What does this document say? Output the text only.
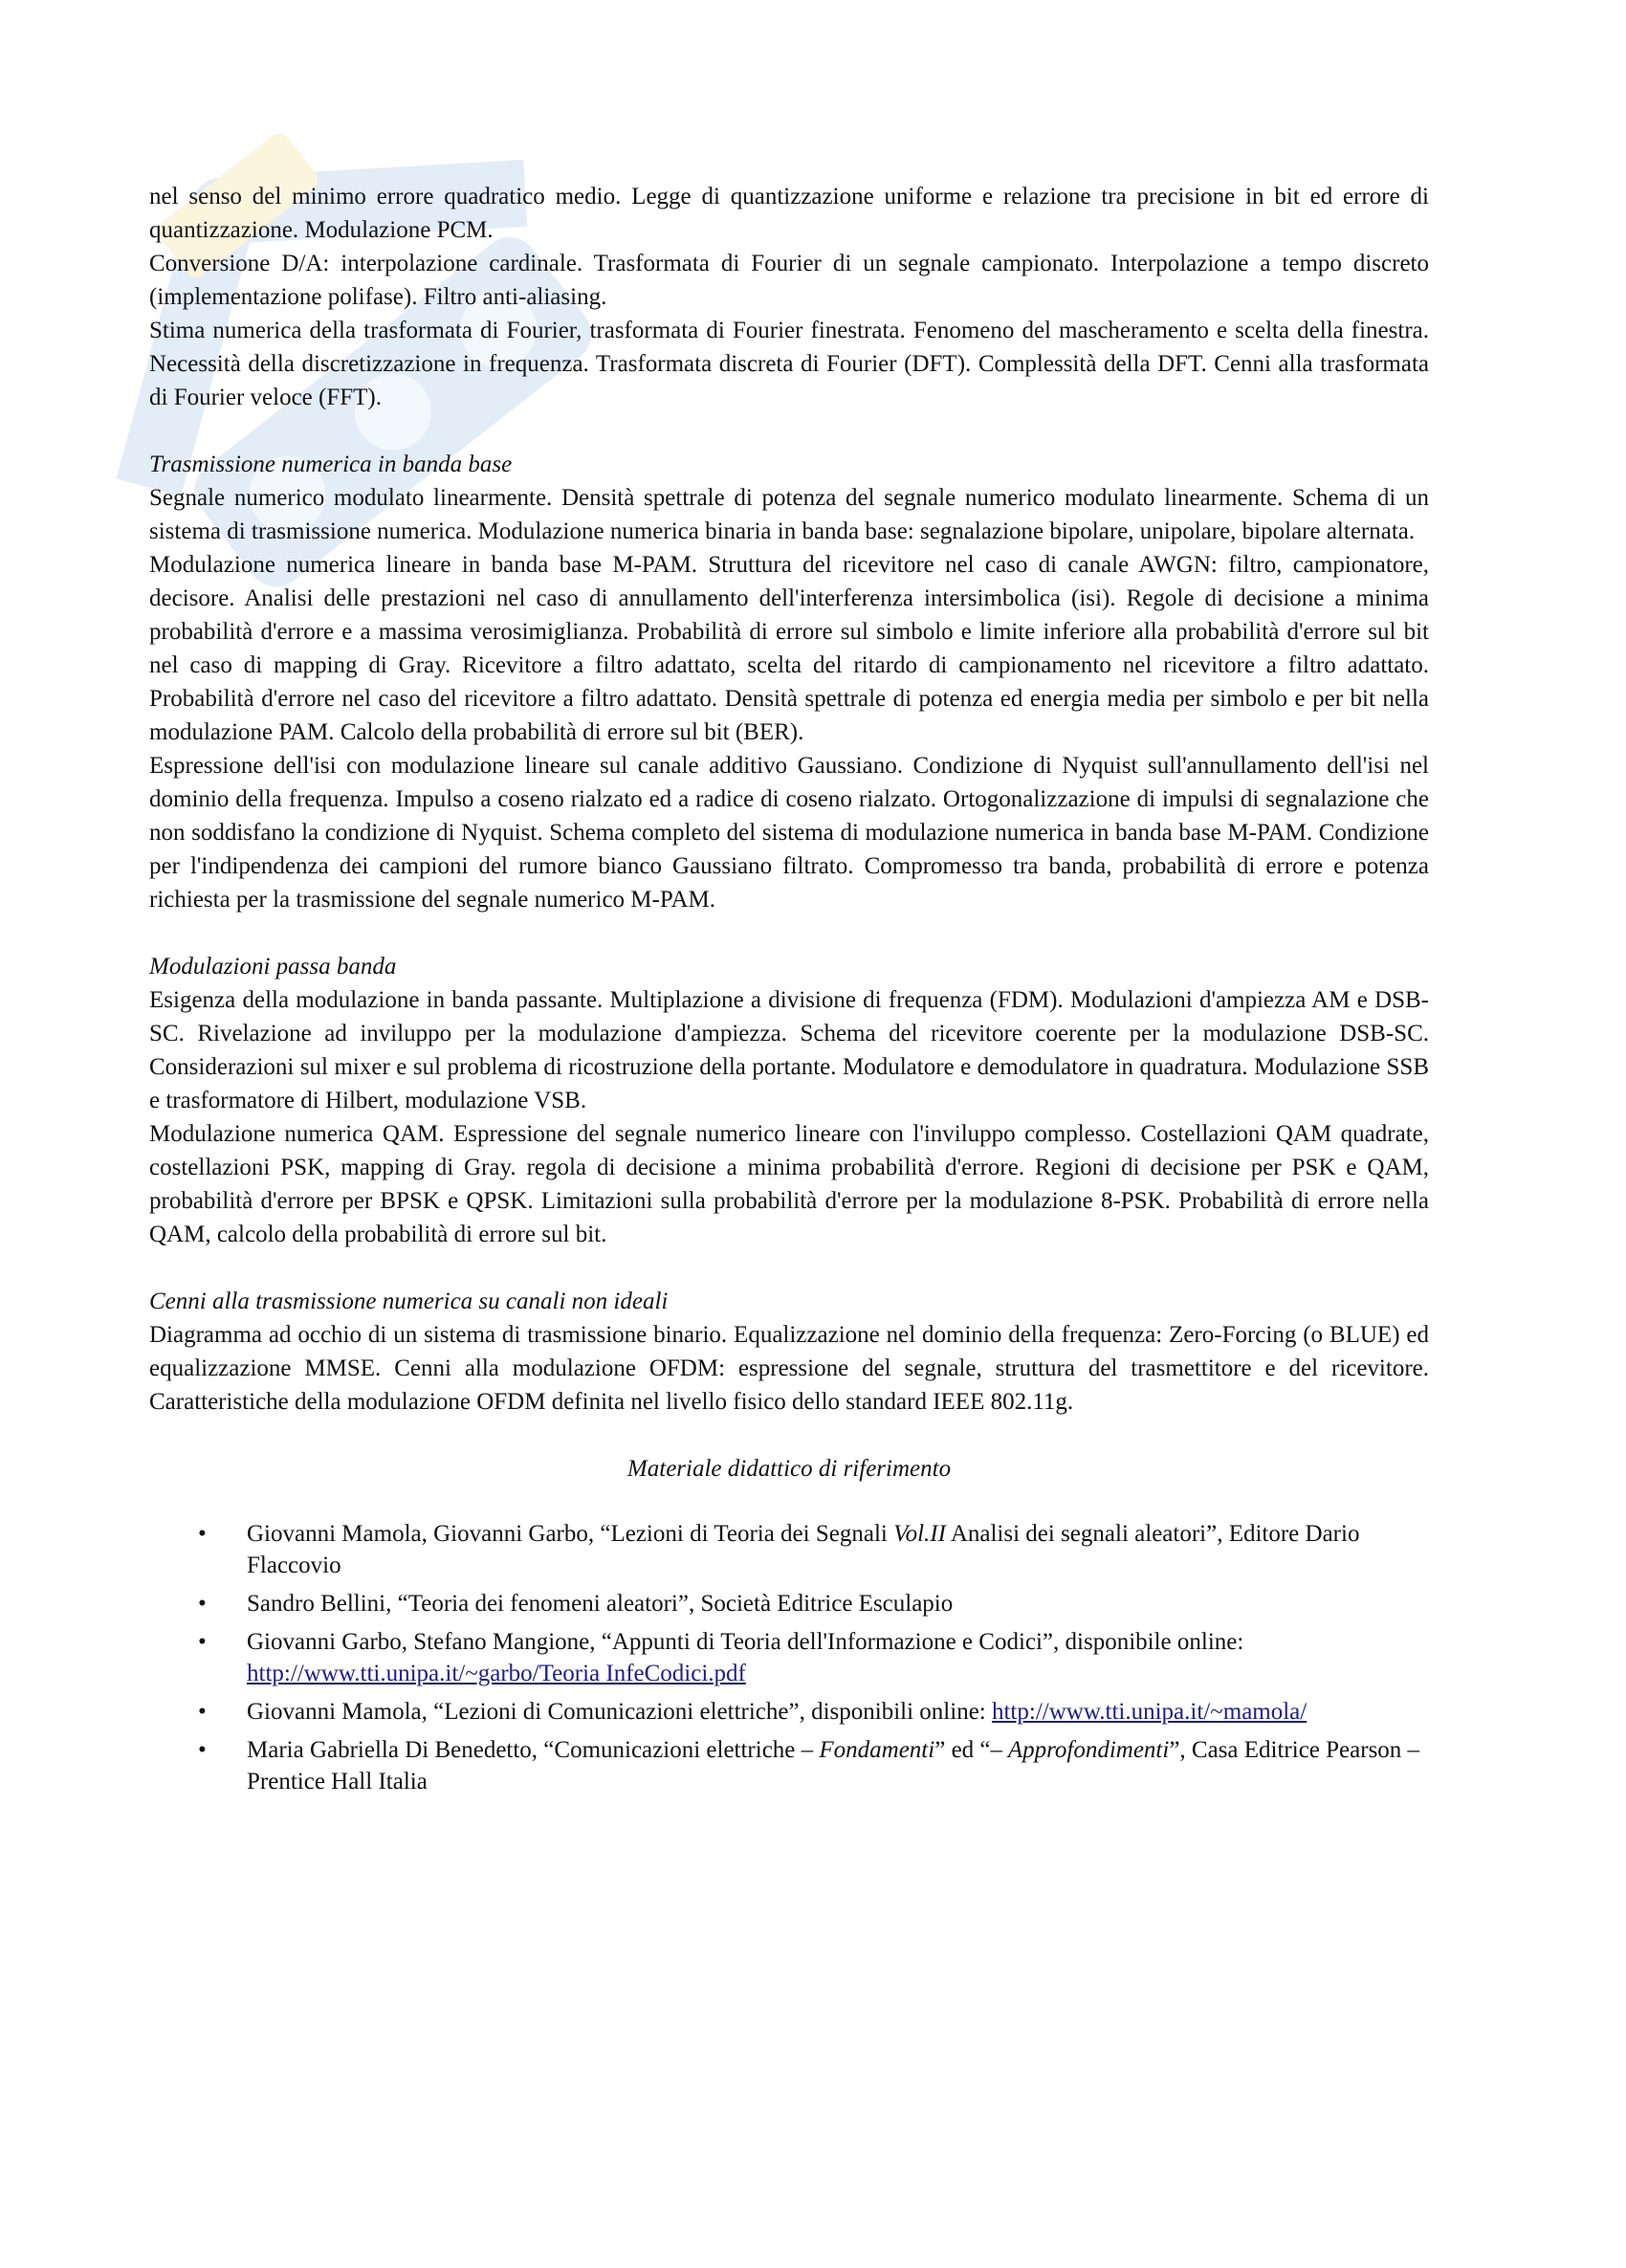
nel senso del minimo errore quadratico medio. Legge di quantizzazione uniforme e relazione tra precisione in bit ed errore di quantizzazione. Modulazione PCM.

Conversione D/A: interpolazione cardinale. Trasformata di Fourier di un segnale campionato. Interpolazione a tempo discreto (implementazione polifase). Filtro anti-aliasing.

Stima numerica della trasformata di Fourier, trasformata di Fourier finestrata. Fenomeno del mascheramento e scelta della finestra. Necessità della discretizzazione in frequenza. Trasformata discreta di Fourier (DFT). Complessità della DFT. Cenni alla trasformata di Fourier veloce (FFT).

Trasmissione numerica in banda base

Segnale numerico modulato linearmente. Densità spettrale di potenza del segnale numerico modulato linearmente. Schema di un sistema di trasmissione numerica. Modulazione numerica binaria in banda base: segnalazione bipolare, unipolare, bipolare alternata.

Modulazione numerica lineare in banda base M-PAM. Struttura del ricevitore nel caso di canale AWGN: filtro, campionatore, decisore. Analisi delle prestazioni nel caso di annullamento dell'interferenza intersimbolica (isi). Regole di decisione a minima probabilità d'errore e a massima verosimiglianza. Probabilità di errore sul simbolo e limite inferiore alla probabilità d'errore sul bit nel caso di mapping di Gray. Ricevitore a filtro adattato, scelta del ritardo di campionamento nel ricevitore a filtro adattato. Probabilità d'errore nel caso del ricevitore a filtro adattato. Densità spettrale di potenza ed energia media per simbolo e per bit nella modulazione PAM. Calcolo della probabilità di errore sul bit (BER).

Espressione dell'isi con modulazione lineare sul canale additivo Gaussiano. Condizione di Nyquist sull'annullamento dell'isi nel dominio della frequenza. Impulso a coseno rialzato ed a radice di coseno rialzato. Ortogonalizzazione di impulsi di segnalazione che non soddisfano la condizione di Nyquist. Schema completo del sistema di modulazione numerica in banda base M-PAM. Condizione per l'indipendenza dei campioni del rumore bianco Gaussiano filtrato. Compromesso tra banda, probabilità di errore e potenza richiesta per la trasmissione del segnale numerico M-PAM.

Modulazioni passa banda

Esigenza della modulazione in banda passante. Multiplazione a divisione di frequenza (FDM). Modulazioni d'ampiezza AM e DSB-SC. Rivelazione ad inviluppo per la modulazione d'ampiezza. Schema del ricevitore coerente per la modulazione DSB-SC. Considerazioni sul mixer e sul problema di ricostruzione della portante. Modulatore e demodulatore in quadratura. Modulazione SSB e trasformatore di Hilbert, modulazione VSB.

Modulazione numerica QAM. Espressione del segnale numerico lineare con l'inviluppo complesso. Costellazioni QAM quadrate, costellazioni PSK, mapping di Gray. regola di decisione a minima probabilità d'errore. Regioni di decisione per PSK e QAM, probabilità d'errore per BPSK e QPSK. Limitazioni sulla probabilità d'errore per la modulazione 8-PSK. Probabilità di errore nella QAM, calcolo della probabilità di errore sul bit.

Cenni alla trasmissione numerica su canali non ideali

Diagramma ad occhio di un sistema di trasmissione binario. Equalizzazione nel dominio della frequenza: Zero-Forcing (o BLUE) ed equalizzazione MMSE. Cenni alla modulazione OFDM: espressione del segnale, struttura del trasmettitore e del ricevitore. Caratteristiche della modulazione OFDM definita nel livello fisico dello standard IEEE 802.11g.

Materiale didattico di riferimento

• Giovanni Mamola, Giovanni Garbo, “Lezioni di Teoria dei Segnali Vol.II Analisi dei segnali aleatori”, Editore Dario Flaccovio
• Sandro Bellini, “Teoria dei fenomeni aleatori”, Società Editrice Esculapio
• Giovanni Garbo, Stefano Mangione, “Appunti di Teoria dell'Informazione e Codici”, disponibile online: http://www.tti.unipa.it/~garbo/Teoria InfeCodici.pdf
• Giovanni Mamola, “Lezioni di Comunicazioni elettriche”, disponibili online: http://www.tti.unipa.it/~mamola/
• Maria Gabriella Di Benedetto, “Comunicazioni elettriche – Fondamenti” ed “– Approfondimenti”, Casa Editrice Pearson – Prentice Hall Italia
